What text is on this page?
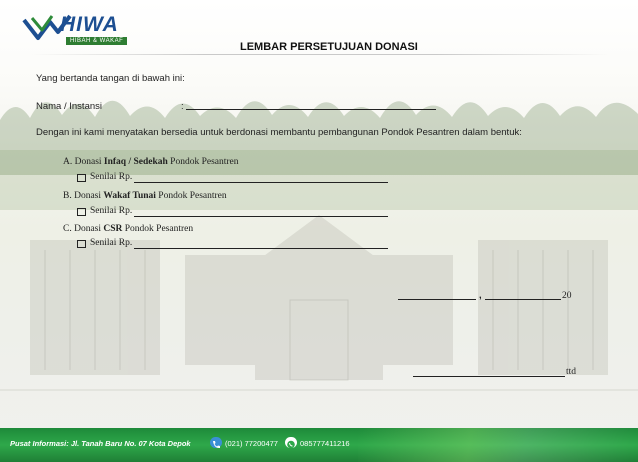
HIWA
HIBAH & WAKAF	LEMBAR PERSETUJUAN DONASI
Yang bertanda tangan di bawah ini:
Nama / Instansi	:
Dengan ini kami menyatakan bersedia untuk berdonasi membantu pembangunan Pondok Pesantren dalam bentuk:
A. Donasi Infaq / Sedekah Pondok Pesantren
Senilai Rp.
B. Donasi Wakaf Tunai Pondok Pesantren
Senilai Rp.
C. Donasi CSR Pondok Pesantren
Senilai Rp.
,	20
ttd
Pusat Informasi: Jl. Tanah Baru No. 07 Kota Depok	(021) 77200477	085777411216
